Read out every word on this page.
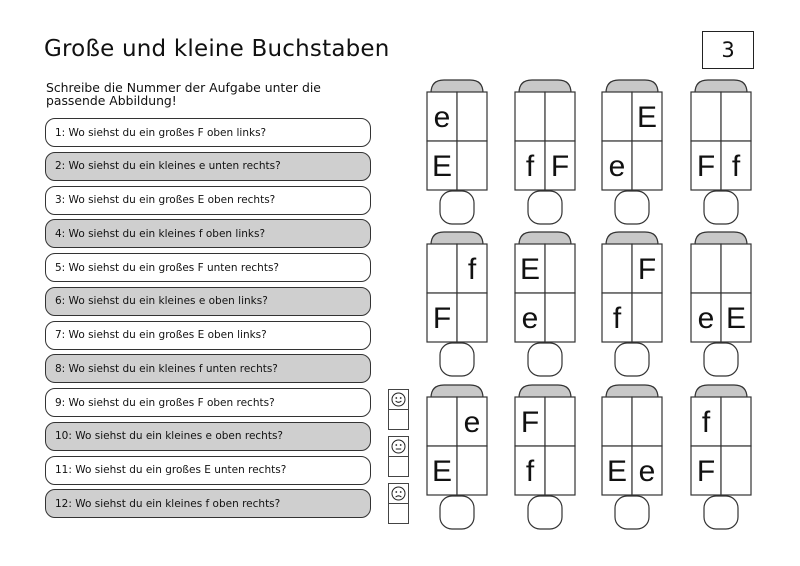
Große und kleine Buchstaben	3
Schreibe die Nummer der Aufgabe unter die passende Abbildung!
1: Wo siehst du ein großes F oben links?
2: Wo siehst du ein kleines e unten rechts?
3: Wo siehst du ein großes E oben rechts?
4: Wo siehst du ein kleines f oben links?
5: Wo siehst du ein großes F unten rechts?
6: Wo siehst du ein kleines e oben links?
7: Wo siehst du ein großes E oben links?
8: Wo siehst du ein kleines f unten rechts?
9: Wo siehst du ein großes F oben rechts?
10: Wo siehst du ein kleines e oben rechts?
11: Wo siehst du ein großes E unten rechts?
12: Wo siehst du ein kleines f oben rechts?
e
E f F
E
e F f
f
F
E
e
F
f	e E
e
E
F
f E e
f
F
